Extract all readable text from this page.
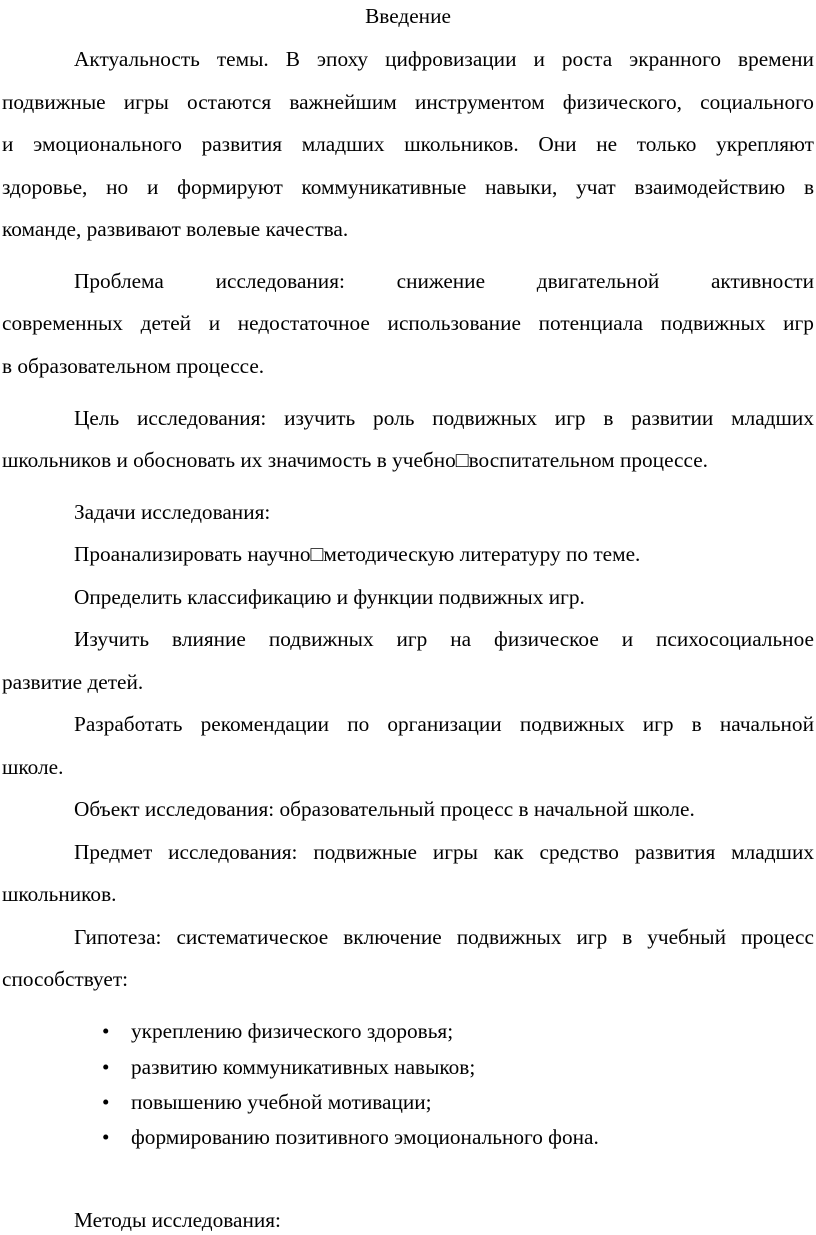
Введение
Актуальность темы. В эпоху цифровизации и роста экранного времени
подвижные игры остаются важнейшим инструментом физического, социального
и эмоционального развития младших школьников. Они не только укрепляют
здоровье, но и формируют коммуникативные навыки, учат взаимодействию в
команде, развивают волевые качества.
Проблема исследования: снижение двигательной активности
современных детей и недостаточное использование потенциала подвижных игр
в образовательном процессе.
Цель исследования: изучить роль подвижных игр в развитии младших
школьников и обосновать их значимость в учебно□воспитательном процессе.
Задачи исследования:
Проанализировать научно□методическую литературу по теме.
Определить классификацию и функции подвижных игр.
Изучить влияние подвижных игр на физическое и психосоциальное
развитие детей.
Разработать рекомендации по организации подвижных игр в начальной
школе.
Объект исследования: образовательный процесс в начальной школе.
Предмет исследования: подвижные игры как средство развития младших
школьников.
Гипотеза: систематическое включение подвижных игр в учебный процесс
способствует:
• укреплению физического здоровья;
• развитию коммуникативных навыков;
• повышению учебной мотивации;
• формированию позитивного эмоционального фона.
Методы исследования:
